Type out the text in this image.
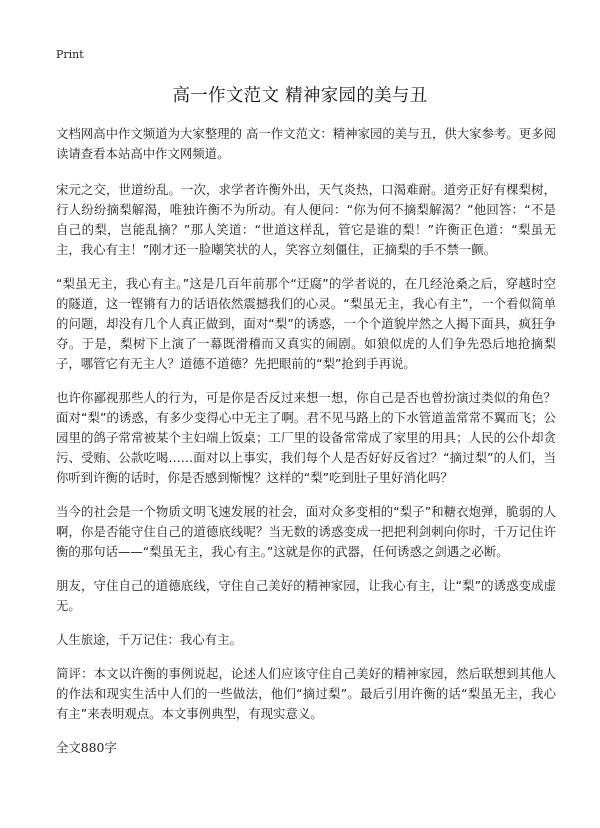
Print
高一作文范文 精神家园的美与丑

文档网高中作文频道为大家整理的 高一作文范文：精神家园的美与丑，供大家参考。更多阅读请查看本站高中作文网频道。

宋元之交，世道纷乱。一次，求学者许衡外出，天气炎热，口渴难耐。道旁正好有棵梨树，行人纷纷摘梨解渴，唯独许衡不为所动。有人便问：“你为何不摘梨解渴？”他回答：“不是自己的梨，岂能乱摘？”那人笑道：“世道这样乱，管它是谁的梨！”许衡正色道：“梨虽无主，我心有主！”刚才还一脸嘲笑状的人，笑容立刻僵住，正摘梨的手不禁一颤。

“梨虽无主，我心有主。”这是几百年前那个“迂腐”的学者说的，在几经沧桑之后，穿越时空的隧道，这一铿锵有力的话语依然震撼我们的心灵。“梨虽无主，我心有主”，一个看似简单的问题，却没有几个人真正做到，面对“梨”的诱惑，一个个道貌岸然之人揭下面具，疯狂争夺。于是，梨树下上演了一幕既滑稽而又真实的闹剧。如狼似虎的人们争先恐后地抢摘梨子，哪管它有无主人？道德不道德？先把眼前的“梨”抢到手再说。

也许你鄙视那些人的行为，可是你是否反过来想一想，你自己是否也曾扮演过类似的角色？面对“梨”的诱惑，有多少变得心中无主了啊。君不见马路上的下水管道盖常常不翼而飞；公园里的鸽子常常被某个主妇端上饭桌；工厂里的设备常常成了家里的用具；人民的公仆却贪污、受贿、公款吃喝……面对以上事实，我们每个人是否好好反省过？“摘过梨”的人们，当你听到许衡的话时，你是否感到惭愧？这样的“梨”吃到肚子里好消化吗？

当今的社会是一个物质文明飞速发展的社会，面对众多变相的“梨子”和糖衣炮弹，脆弱的人啊，你是否能守住自己的道德底线呢？当无数的诱惑变成一把把利剑刺向你时，千万记住许衡的那句话——“梨虽无主，我心有主。”这就是你的武器，任何诱惑之剑遇之必断。

朋友，守住自己的道德底线，守住自己美好的精神家园，让我心有主，让“梨”的诱惑变成虚无。

人生旅途，千万记住：我心有主。

简评：本文以许衡的事例说起，论述人们应该守住自己美好的精神家园，然后联想到其他人的作法和现实生活中人们的一些做法，他们“摘过梨”。最后引用许衡的话“梨虽无主，我心有主”来表明观点。本文事例典型，有现实意义。

全文880字
